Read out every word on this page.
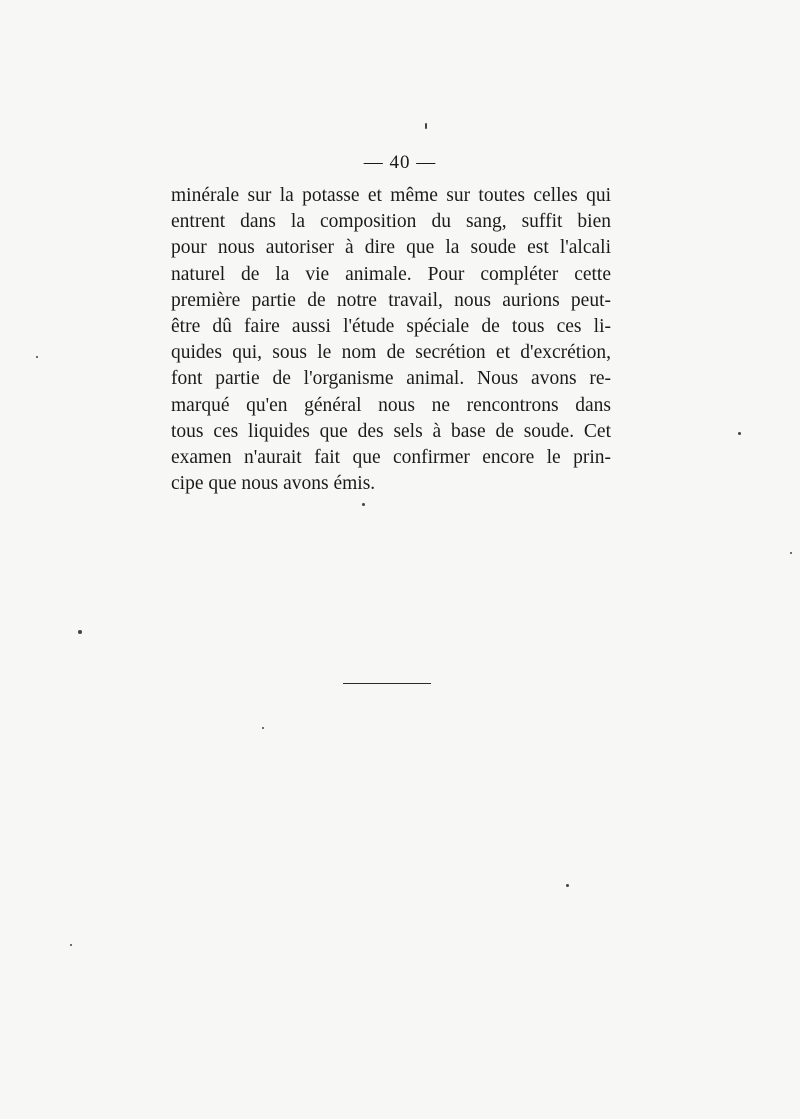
— 40 —
minérale sur la potasse et même sur toutes celles qui
entrent dans la composition du sang, suffit bien
pour nous autoriser à dire que la soude est l'alcali
naturel de la vie animale. Pour compléter cette
première partie de notre travail, nous aurions peut-
être dû faire aussi l'étude spéciale de tous ces li-
quides qui, sous le nom de secrétion et d'excrétion,
font partie de l'organisme animal. Nous avons re-
marqué qu'en général nous ne rencontrons dans
tous ces liquides que des sels à base de soude. Cet
examen n'aurait fait que confirmer encore le prin-
cipe que nous avons émis.
